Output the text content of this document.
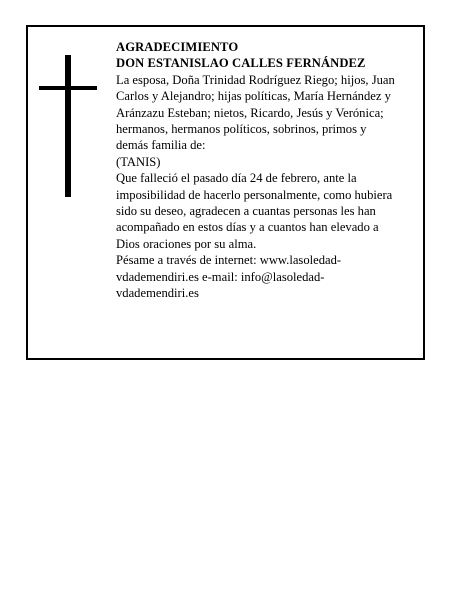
AGRADECIMIENTO
DON ESTANISLAO CALLES FERNÁNDEZ
La esposa, Doña Trinidad Rodríguez Riego; hijos, Juan
Carlos y Alejandro; hijas políticas, María Hernández y
Aránzazu Esteban; nietos, Ricardo, Jesús y Verónica;
hermanos, hermanos políticos, sobrinos, primos y
demás familia de:
(TANIS)
Que falleció el pasado día 24 de febrero, ante la
imposibilidad de hacerlo personalmente, como hubiera
sido su deseo, agradecen a cuantas personas les han
acompañado en estos días y a cuantos han elevado a
Dios oraciones por su alma.
Pésame a través de internet: www.lasoledad-
vdademendiri.es e-mail: info@lasoledad-
vdademendiri.es
